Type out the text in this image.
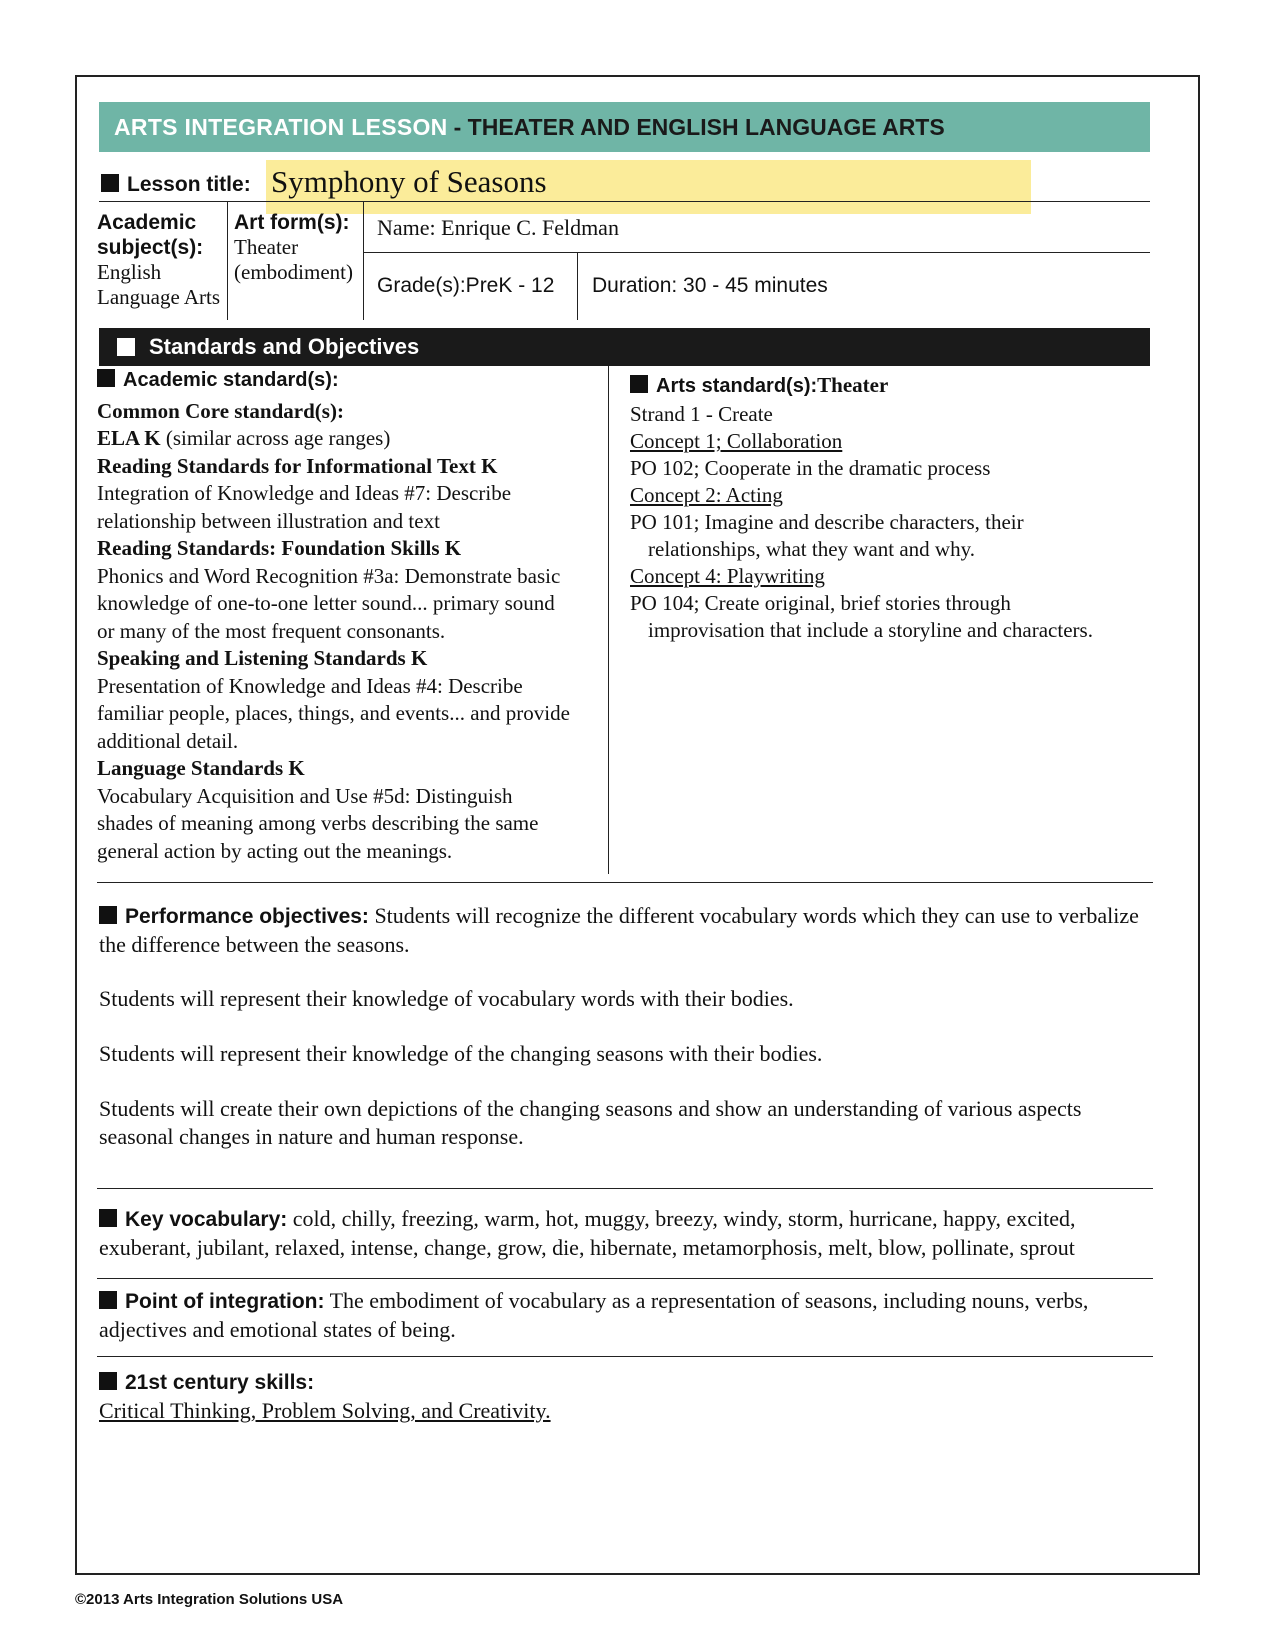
ARTS INTEGRATION LESSON - THEATER AND ENGLISH LANGUAGE ARTS
Lesson title: Symphony of Seasons
Academic
subject(s):
English
Language Arts
Art form(s):
Theater
(embodiment)
Name: Enrique C. Feldman
Grade(s):PreK - 12 Duration: 30 - 45 minutes
Standards and Objectives
Academic standard(s):
Common Core standard(s):
ELA K (similar across age ranges)
Reading Standards for Informational Text K
Integration of Knowledge and Ideas #7: Describe
relationship between illustration and text
Reading Standards: Foundation Skills K
Phonics and Word Recognition #3a: Demonstrate basic
knowledge of one-to-one letter sound... primary sound
or many of the most frequent consonants.
Speaking and Listening Standards K
Presentation of Knowledge and Ideas #4: Describe
familiar people, places, things, and events... and provide
additional detail.
Language Standards K
Vocabulary Acquisition and Use #5d: Distinguish
shades of meaning among verbs describing the same
general action by acting out the meanings.
Arts standard(s):Theater
Strand 1 - Create
Concept 1; Collaboration
PO 102; Cooperate in the dramatic process
Concept 2: Acting
PO 101; Imagine and describe characters, their
relationships, what they want and why.
Concept 4: Playwriting
PO 104; Create original, brief stories through
improvisation that include a storyline and characters.
Performance objectives: Students will recognize the different vocabulary words which they can use to verbalize the difference between the seasons.
Students will represent their knowledge of vocabulary words with their bodies.
Students will represent their knowledge of the changing seasons with their bodies.
Students will create their own depictions of the changing seasons and show an understanding of various aspects seasonal changes in nature and human response.
Key vocabulary: cold, chilly, freezing, warm, hot, muggy, breezy, windy, storm, hurricane, happy, excited, exuberant, jubilant, relaxed, intense, change, grow, die, hibernate, metamorphosis, melt, blow, pollinate, sprout
Point of integration: The embodiment of vocabulary as a representation of seasons, including nouns, verbs, adjectives and emotional states of being.
21st century skills:
Critical Thinking, Problem Solving, and Creativity.
©2013 Arts Integration Solutions USA
